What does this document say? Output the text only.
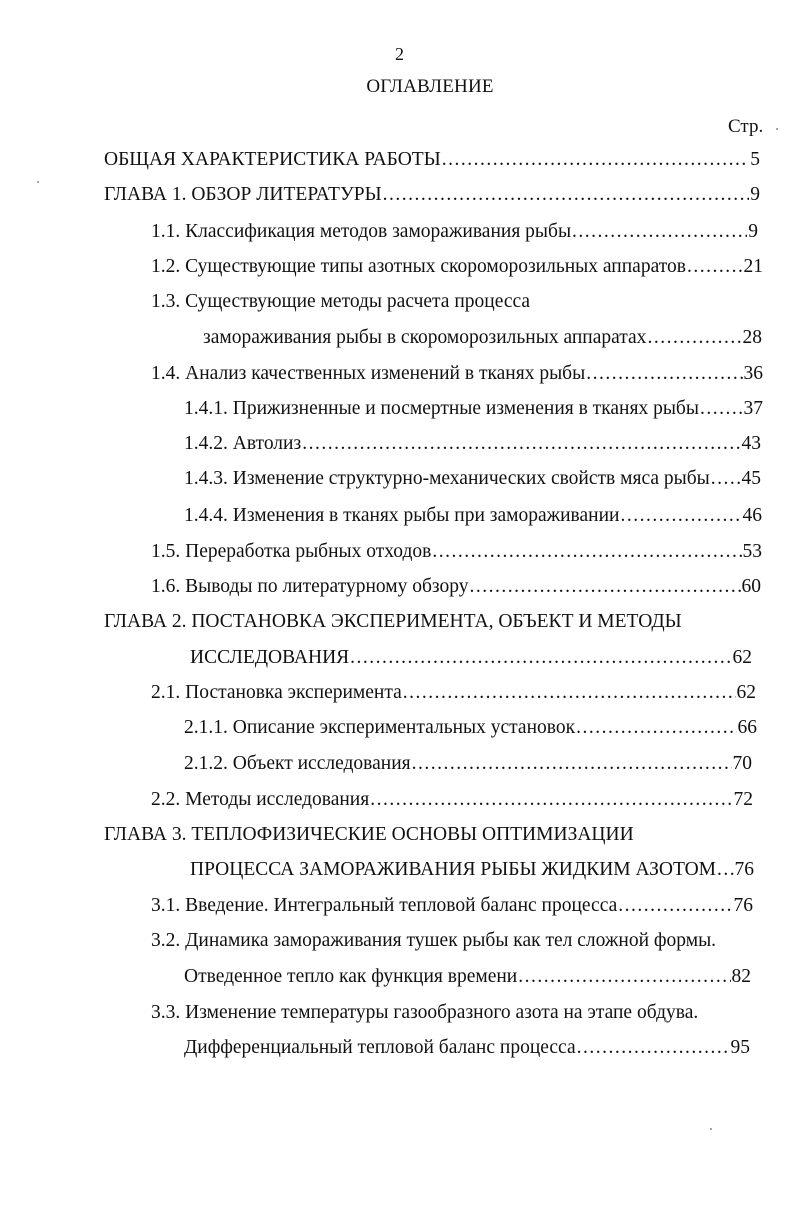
2
ОГЛАВЛЕНИЕ
Стр.
ОБЩАЯ ХАРАКТЕРИСТИКА РАБОТЫ .....	5
ГЛАВА 1. ОБЗОР ЛИТЕРАТУРЫ .....	9
1.1. Классификация методов замораживания рыбы .....	9
1.2. Существующие типы азотных скороморозильных аппаратов .....	21
1.3. Существующие методы расчета процесса
замораживания рыбы в скороморозильных аппаратах .....	28
1.4. Анализ качественных изменений в тканях рыбы .....	36
1.4.1. Прижизненные и посмертные изменения в тканях рыбы ..... 37
1.4.2. Автолиз .....	43
1.4.3. Изменение структурно-механических свойств мяса рыбы ..... 45
1.4.4. Изменения в тканях рыбы при замораживании .....	46
1.5. Переработка рыбных отходов .....	53
1.6. Выводы по литературному обзору .....	60
ГЛАВА 2. ПОСТАНОВКА ЭКСПЕРИМЕНТА, ОБЪЕКТ И МЕТОДЫ
ИССЛЕДОВАНИЯ .....	62
2.1. Постановка эксперимента .....	62
2.1.1. Описание экспериментальных установок .....	66
2.1.2. Объект исследования .....	70
2.2. Методы исследования .....	72
ГЛАВА 3. ТЕПЛОФИЗИЧЕСКИЕ ОСНОВЫ ОПТИМИЗАЦИИ
ПРОЦЕССА ЗАМОРАЖИВАНИЯ РЫБЫ ЖИДКИМ АЗОТОМ ..... 76
3.1. Введение. Интегральный тепловой баланс процесса .....	76
3.2. Динамика замораживания тушек рыбы как тел сложной формы.
Отведенное тепло как функция времени .....	82
3.3. Изменение температуры газообразного азота на этапе обдува.
Дифференциальный тепловой баланс процесса .....	95
